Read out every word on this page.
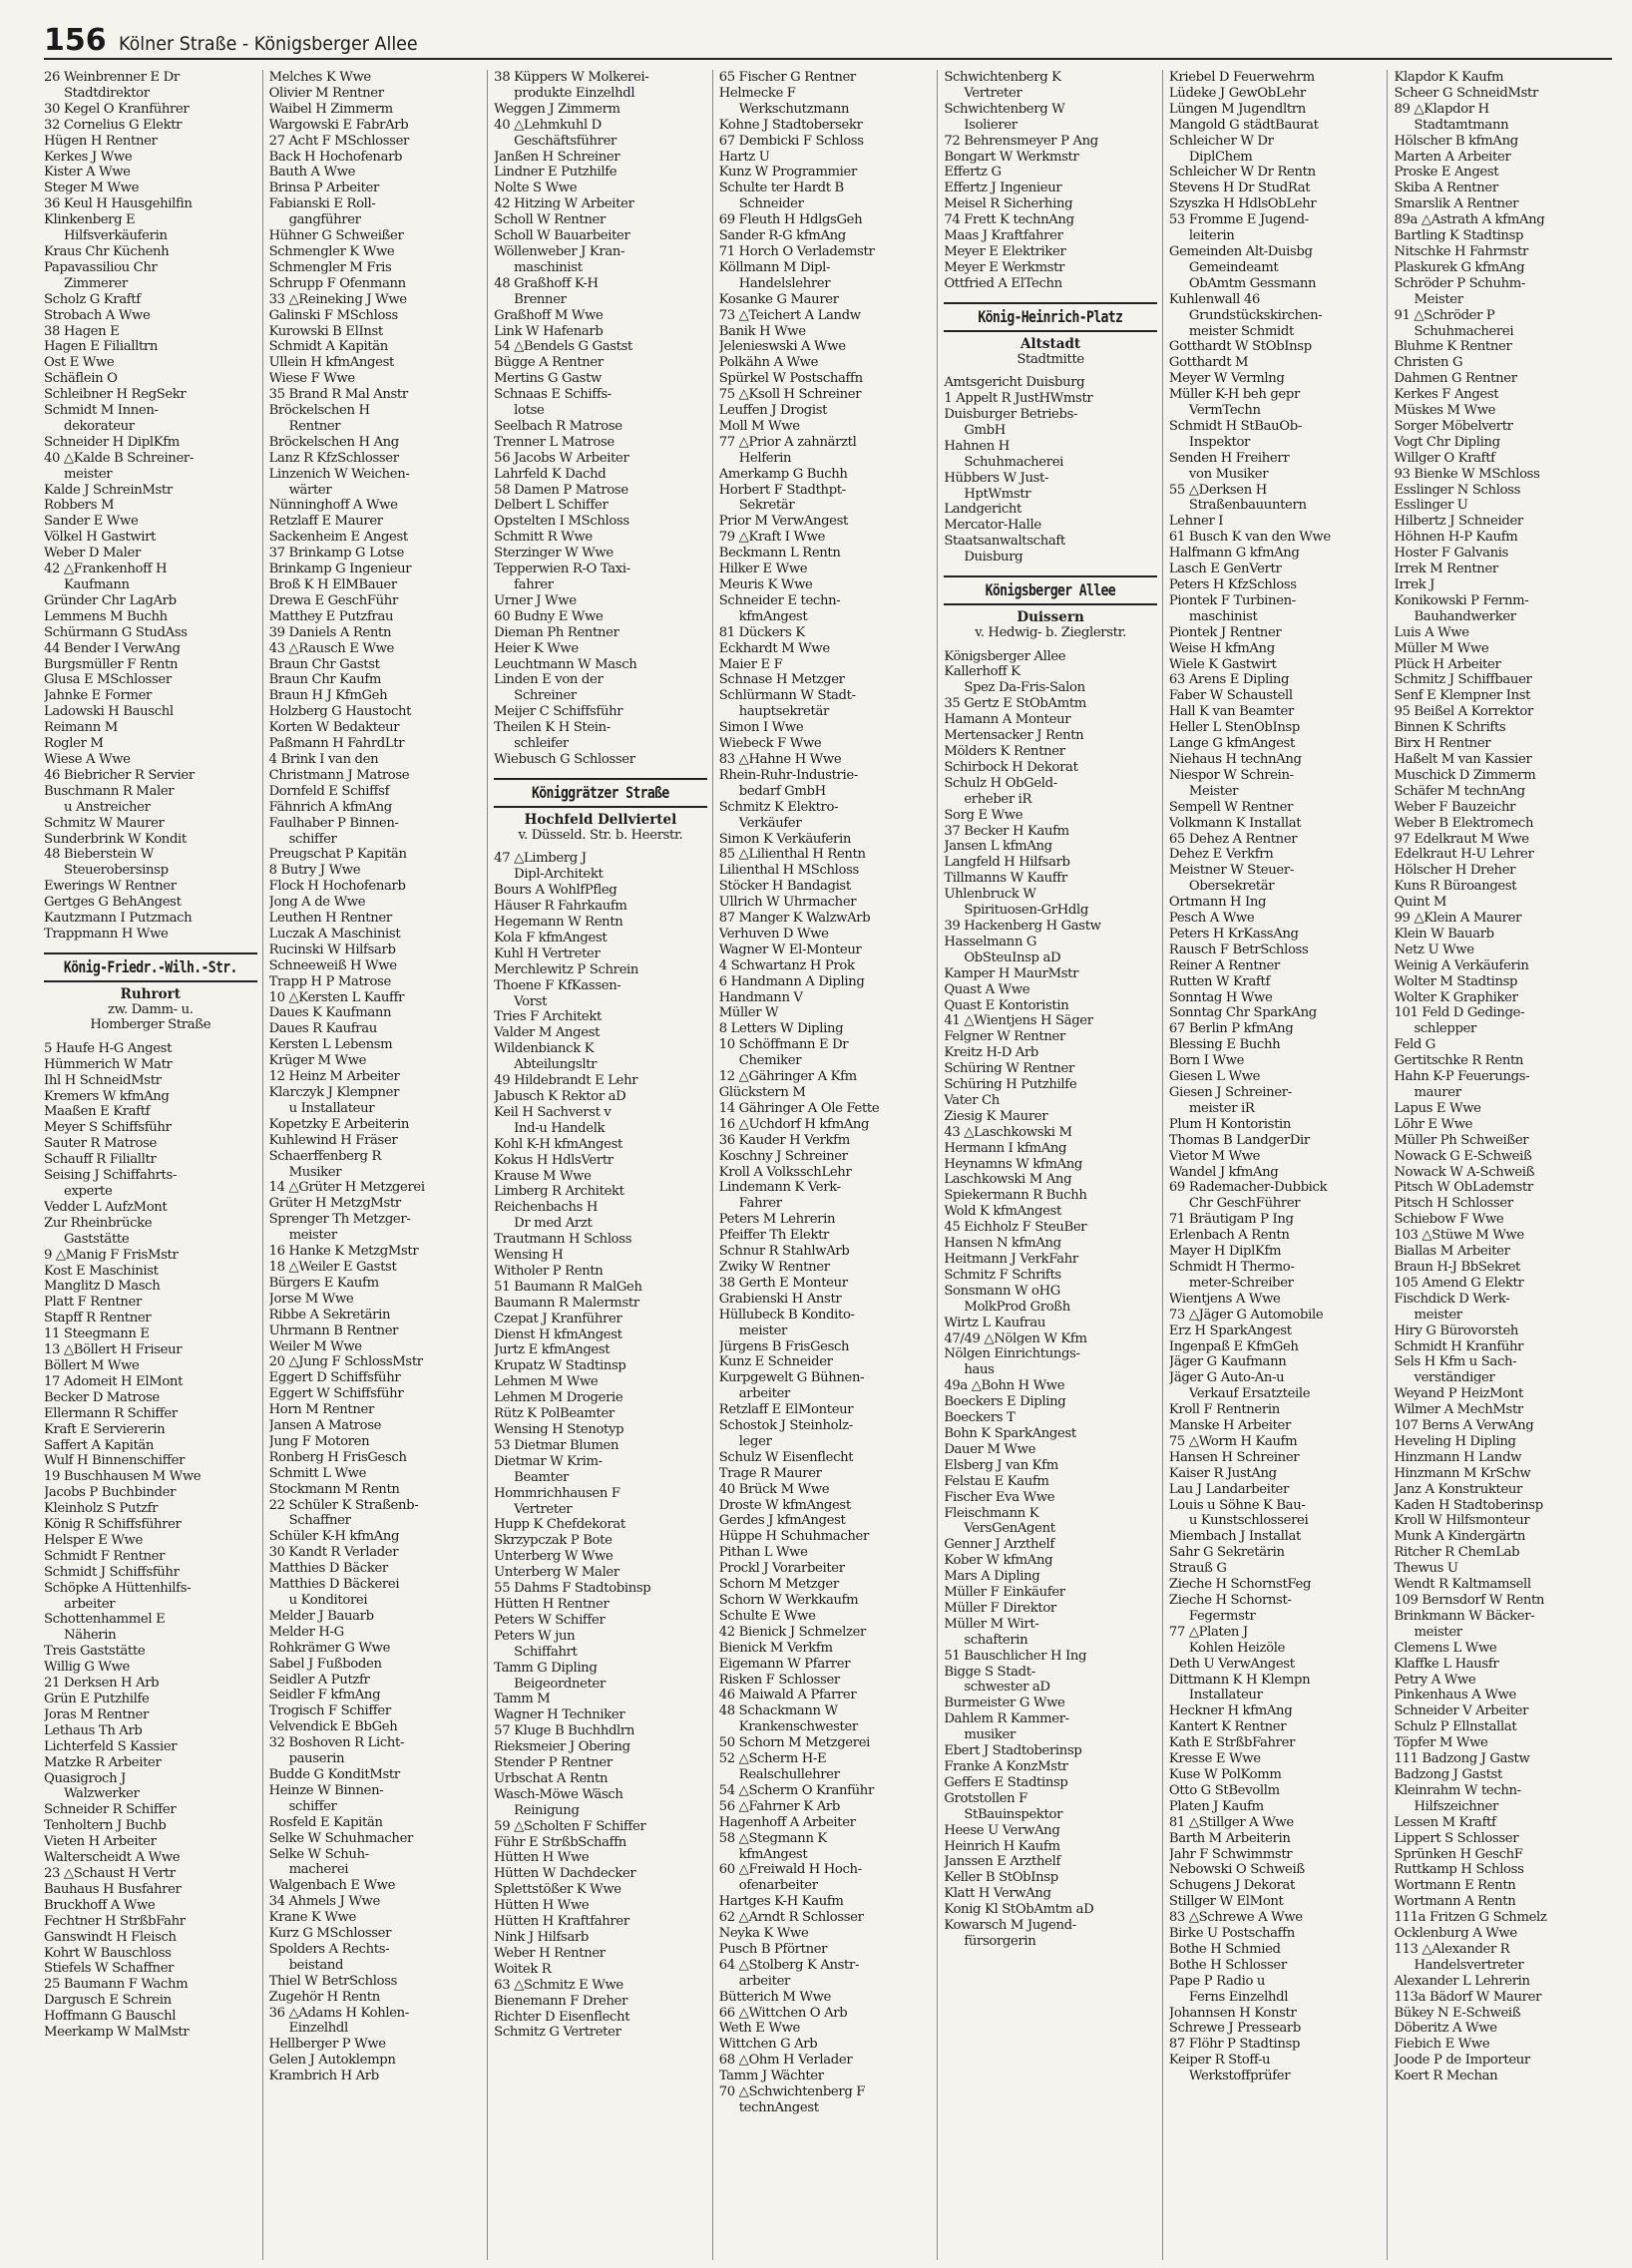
156 Kölner Straße - Königsberger Allee
26 Weinbrenner E Dr
Stadtdirektor
30 Kegel O Kranführer
32 Cornelius G Elektr
Hügen H Rentner
Kerkes J Wwe
Kister A Wwe
Steger M Wwe
36 Keul H Hausgehilfin
Klinkenberg E
Hilfsverkäuferin
Kraus Chr Küchenh
Papavassiliou Chr
Zimmerer
Scholz G Kraftf
Strobach A Wwe
38 Hagen E
Hagen E Filialltrn
Ost E Wwe
Schäflein O
Schleibner H RegSekr
Schmidt M Innen-
dekorateur
Schneider H DiplKfm
40 △Kalde B Schreiner-
meister
Kalde J SchreinMstr
Robbers M
Sander E Wwe
Völkel H Gastwirt
Weber D Maler
42 △Frankenhoff H
Kaufmann
Gründer Chr LagArb
Lemmens M Buchh
Schürmann G StudAss
44 Bender I VerwAng
Burgsmüller F Rentn
Glusa E MSchlosser
Jahnke E Former
Ladowski H Bauschl
Reimann M
Rogler M
Wiese A Wwe
46 Biebricher R Servier
Buschmann R Maler
u Anstreicher
Schmitz W Maurer
Sunderbrink W Kondit
48 Bieberstein W
Steuerobersinsp
Ewerings W Rentner
Gertges G BehAngest
Kautzmann I Putzmach
Trappmann H Wwe
König-Friedr.-Wilh.-Str.
Ruhrort
zw. Damm- u.
Homberger Straße
5 Haufe H-G Angest
Hümmerich W Matr
Ihl H SchneidMstr
Kremers W kfmAng
Maaßen E Kraftf
Meyer S Schiffsführ
Sauter R Matrose
Schauff R Filialltr
Seising J Schiffahrts-
experte
Vedder L AufzMont
Zur Rheinbrücke
Gaststätte
9 △Manig F FrisMstr
Kost E Maschinist
Manglitz D Masch
Platt F Rentner
Stapff R Rentner
11 Steegmann E
13 △Böllert H Friseur
Böllert M Wwe
17 Adomeit H ElMont
Becker D Matrose
Ellermann R Schiffer
Kraft E Serviererin
Saffert A Kapitän
Wulf H Binnenschiffer
19 Buschhausen M Wwe
Jacobs P Buchbinder
Kleinholz S Putzfr
König R Schiffsführer
Helsper E Wwe
Schmidt F Rentner
Schmidt J Schiffsführ
Schöpke A Hüttenhilfs-
arbeiter
Schottenhammel E
Näherin
Treis Gaststätte
Willig G Wwe
21 Derksen H Arb
Grün E Putzhilfe
Joras M Rentner
Lethaus Th Arb
Lichterfeld S Kassier
Matzke R Arbeiter
Quasigroch J
Walzwerker
Schneider R Schiffer
Tenholtern J Buchb
Vieten H Arbeiter
Walterscheidt A Wwe
23 △Schaust H Vertr
Bauhaus H Busfahrer
Bruckhoff A Wwe
Fechtner H StrßbFahr
Ganswindt H Fleisch
Kohrt W Bauschloss
Stiefels W Schaffner
25 Baumann F Wachm
Dargusch E Schrein
Hoffmann G Bauschl
Meerkamp W MalMstr
Melches K Wwe
Olivier M Rentner
Waibel H Zimmerm
Wargowski E FabrArb
27 Acht F MSchlosser
Back H Hochofenarb
Bauth A Wwe
Brinsa P Arbeiter
Fabianski E Roll-
gangführer
Hühner G Schweißer
Schmengler K Wwe
Schmengler M Fris
Schrupp F Ofenmann
33 △Reineking J Wwe
Galinski F MSchloss
Kurowski B ElInst
Schmidt A Kapitän
Ullein H kfmAngest
Wiese F Wwe
35 Brand R Mal Anstr
Bröckelschen H
Rentner
Bröckelschen H Ang
Lanz R KfzSchlosser
Linzenich W Weichen-
wärter
Nünninghoff A Wwe
Retzlaff E Maurer
Sackenheim E Angest
37 Brinkamp G Lotse
Brinkamp G Ingenieur
Broß K H ElMBauer
Drewa E GeschFühr
Matthey E Putzfrau
39 Daniels A Rentn
43 △Rausch E Wwe
Braun Chr Gastst
Braun Chr Kaufm
Braun H J KfmGeh
Holzberg G Haustocht
Korten W Bedakteur
Paßmann H FahrdLtr
4 Brink I van den
Christmann J Matrose
Dornfeld E Schiffsf
Fähnrich A kfmAng
Faulhaber P Binnen-
schiffer
Preugschat P Kapitän
8 Butry J Wwe
Flock H Hochofenarb
Jong A de Wwe
Leuthen H Rentner
Luczak A Maschinist
Rucinski W Hilfsarb
Schneeweiß H Wwe
Trapp H P Matrose
10 △Kersten L Kauffr
Daues K Kaufmann
Daues R Kaufrau
Kersten L Lebensm
Krüger M Wwe
12 Heinz M Arbeiter
Klarczyk J Klempner
u Installateur
Kopetzky E Arbeiterin
Kuhlewind H Fräser
Schaerffenberg R
Musiker
14 △Grüter H Metzgerei
Grüter H MetzgMstr
Sprenger Th Metzger-
meister
16 Hanke K MetzgMstr
18 △Weiler E Gastst
Bürgers E Kaufm
Jorse M Wwe
Ribbe A Sekretärin
Uhrmann B Rentner
Weiler M Wwe
20 △Jung F SchlossMstr
Eggert D Schiffsführ
Eggert W Schiffsführ
Horn M Rentner
Jansen A Matrose
Jung F Motoren
Ronberg H FrisGesch
Schmitt L Wwe
Stockmann M Rentn
22 Schüler K Straßenb-
Schaffner
Schüler K-H kfmAng
30 Kandt R Verlader
Matthies D Bäcker
Matthies D Bäckerei
u Konditorei
Melder J Bauarb
Melder H-G
Rohkrämer G Wwe
Sabel J Fußboden
Seidler A Putzfr
Seidler F kfmAng
Trogisch F Schiffer
Velvendick E BbGeh
32 Boshoven R Licht-
pauserin
Budde G KonditMstr
Heinze W Binnen-
schiffer
Rosfeld E Kapitän
Selke W Schuhmacher
Selke W Schuh-
macherei
Walgenbach E Wwe
34 Ahmels J Wwe
Krane K Wwe
Kurz G MSchlosser
Spolders A Rechts-
beistand
Thiel W BetrSchloss
Zugehör H Rentn
36 △Adams H Kohlen-
Einzelhdl
Hellberger P Wwe
Gelen J Autoklempn
Krambrich H Arb
38 Küppers W Molkerei-
produkte Einzelhdl
Weggen J Zimmerm
40 △Lehmkuhl D
Geschäftsführer
Janßen H Schreiner
Lindner E Putzhilfe
Nolte S Wwe
42 Hitzing W Arbeiter
Scholl W Rentner
Scholl W Bauarbeiter
Wöllenweber J Kran-
maschinist
48 Graßhoff K-H
Brenner
Graßhoff M Wwe
Link W Hafenarb
54 △Bendels G Gastst
Bügge A Rentner
Mertins G Gastw
Schnaas E Schiffs-
lotse
Seelbach R Matrose
Trenner L Matrose
56 Jacobs W Arbeiter
Lahrfeld K Dachd
58 Damen P Matrose
Delbert L Schiffer
Opstelten I MSchloss
Schmitt R Wwe
Sterzinger W Wwe
Tepperwien R-O Taxi-
fahrer
Urner J Wwe
60 Budny E Wwe
Dieman Ph Rentner
Heier K Wwe
Leuchtmann W Masch
Linden E von der
Schreiner
Meijer C Schiffsführ
Theilen K H Stein-
schleifer
Wiebusch G Schlosser
Königgrätzer Straße
Hochfeld Dellviertel
v. Düsseld. Str. b. Heerstr.
47 △Limberg J
Dipl-Architekt
Bours A WohlfPfleg
Häuser R Fahrkaufm
Hegemann W Rentn
Kola F kfmAngest
Kuhl H Vertreter
Merchlewitz P Schrein
Thoene F KfKassen-
Vorst
Tries F Architekt
Valder M Angest
Wildenbianck K
Abteilungsltr
49 Hildebrandt E Lehr
Jabusch K Rektor aD
Keil H Sachverst v
Ind-u Handelk
Kohl K-H kfmAngest
Kokus H HdlsVertr
Krause M Wwe
Limberg R Architekt
Reichenbachs H
Dr med Arzt
Trautmann H Schloss
Wensing H
Witholer P Rentn
51 Baumann R MalGeh
Baumann R Malermstr
Czepat J Kranführer
Dienst H kfmAngest
Jurtz E kfmAngest
Krupatz W Stadtinsp
Lehmen M Wwe
Lehmen M Drogerie
Rütz K PolBeamter
Wensing H Stenotyp
53 Dietmar Blumen
Dietmar W Krim-
Beamter
Hommrichhausen F
Vertreter
Hupp K Chefdekorat
Skrzypczak P Bote
Unterberg W Wwe
Unterberg W Maler
55 Dahms F Stadtobinsp
Hütten H Rentner
Peters W Schiffer
Peters W jun
Schiffahrt
Tamm G Dipling
Beigeordneter
Tamm M
Wagner H Techniker
57 Kluge B Buchhdlrn
Rieksmeier J Obering
Stender P Rentner
Urbschat A Rentn
Wasch-Möwe Wäsch
Reinigung
59 △Scholten F Schiffer
Führ E StrßbSchaffn
Hütten H Wwe
Hütten W Dachdecker
Splettstößer K Wwe
Hütten H Wwe
Hütten H Kraftfahrer
Nink J Hilfsarb
Weber H Rentner
Woitek R
63 △Schmitz E Wwe
Bienemann F Dreher
Richter D Eisenflecht
Schmitz G Vertreter
65 Fischer G Rentner
Helmecke F
Werkschutzmann
Kohne J Stadtobersekr
67 Dembicki F Schloss
Hartz U
Kunz W Programmier
Schulte ter Hardt B
Schneider
69 Fleuth H HdlgsGeh
Sander R-G kfmAng
71 Horch O Verlademstr
Köllmann M Dipl-
Handelslehrer
Kosanke G Maurer
73 △Teichert A Landw
Banik H Wwe
Jelenieswski A Wwe
Polkähn A Wwe
Spürkel W Postschaffn
75 △Ksoll H Schreiner
Leuffen J Drogist
Moll M Wwe
77 △Prior A zahnärztl
Helferin
Amerkamp G Buchh
Horbert F Stadthpt-
Sekretär
Prior M VerwAngest
79 △Kraft I Wwe
Beckmann L Rentn
Hilker E Wwe
Meuris K Wwe
Schneider E techn-
kfmAngest
81 Dückers K
Eckhardt M Wwe
Maier E F
Schnase H Metzger
Schlürmann W Stadt-
hauptsekretär
Simon I Wwe
Wiebeck F Wwe
83 △Hahne H Wwe
Rhein-Ruhr-Industrie-
bedarf GmbH
Schmitz K Elektro-
Verkäufer
Simon K Verkäuferin
85 △Lilienthal H Rentn
Lilienthal H MSchloss
Stöcker H Bandagist
Ullrich W Uhrmacher
87 Manger K WalzwArb
Verhuven D Wwe
Wagner W El-Monteur
4 Schwartanz H Prok
6 Handmann A Dipling
Handmann V
Müller W
8 Letters W Dipling
10 Schöffmann E Dr
Chemiker
12 △Gähringer A Kfm
Glückstern M
14 Gähringer A Öle Fette
16 △Uchdorf H kfmAng
36 Kauder H Verkfm
Koschny J Schreiner
Kroll A VolksschLehr
Lindemann K Verk-
Fahrer
Peters M Lehrerin
Pfeiffer Th Elektr
Schnur R StahlwArb
Zwiky W Rentner
38 Gerth E Monteur
Grabienski H Anstr
Hüllubeck B Kondito-
meister
Jürgens B FrisGesch
Kunz E Schneider
Kurpgewelt G Bühnen-
arbeiter
Retzlaff E ElMonteur
Schostok J Steinholz-
leger
Schulz W Eisenflecht
Trage R Maurer
40 Brück M Wwe
Droste W kfmAngest
Gerdes J kfmAngest
Hüppe H Schuhmacher
Pithan L Wwe
Prockl J Vorarbeiter
Schorn M Metzger
Schorn W Werkkaufm
Schulte E Wwe
42 Bienick J Schmelzer
Bienick M Verkfm
Eigemann W Pfarrer
Risken F Schlosser
46 Maiwald A Pfarrer
48 Schackmann W
Krankenschwester
50 Schorn M Metzgerei
52 △Scherm H-E
Realschullehrer
54 △Scherm O Kranführ
56 △Fahrner K Arb
Hagenhoff A Arbeiter
58 △Stegmann K
kfmAngest
60 △Freiwald H Hoch-
ofenarbeiter
Hartges K-H Kaufm
62 △Arndt R Schlosser
Neyka K Wwe
Pusch B Pförtner
64 △Stolberg K Anstr-
arbeiter
Bütterich M Wwe
66 △Wittchen O Arb
Weth E Wwe
Wittchen G Arb
68 △Ohm H Verlader
Tamm J Wächter
70 △Schwichtenberg F
technAngest
Schwichtenberg K
Vertreter
Schwichtenberg W
Isolierer
72 Behrensmeyer P Ang
Bongart W Werkmstr
Effertz G
Effertz J Ingenieur
Meisel R Sicherhing
74 Frett K technAng
Maas J Kraftfahrer
Meyer E Elektriker
Meyer E Werkmstr
Ottfried A ElTechn
König-Heinrich-Platz
Altstadt
Stadtmitte
Amtsgericht Duisburg
1 Appelt R JustHWmstr
Duisburger Betriebs-
GmbH
Hahnen H
Schuhmacherei
Hübbers W Just-
HptWmstr
Landgericht
Mercator-Halle
Staatsanwaltschaft
Duisburg
Königsberger Allee
Duissern
v. Hedwig- b. Zieglerstr.
Königsberger Allee
Kallerhoff K
Spez Da-Fris-Salon
35 Gertz E StObAmtm
Hamann A Monteur
Mertensacker J Rentn
Mölders K Rentner
Schirbock H Dekorat
Schulz H ObGeld-
erheber iR
Sorg E Wwe
37 Becker H Kaufm
Jansen L kfmAng
Langfeld H Hilfsarb
Tillmanns W Kauffr
Uhlenbruck W
Spirituosen-GrHdlg
39 Hackenberg H Gastw
Hasselmann G
ObSteuInsp aD
Kamper H MaurMstr
Quast A Wwe
Quast E Kontoristin
41 △Wientjens H Säger
Felgner W Rentner
Kreitz H-D Arb
Schüring W Rentner
Schüring H Putzhilfe
Vater Ch
Ziesig K Maurer
43 △Laschkowski M
Hermann I kfmAng
Heynamns W kfmAng
Laschkowski M Ang
Spiekermann R Buchh
Wold K kfmAngest
45 Eichholz F SteuBer
Hansen N kfmAng
Heitmann J VerkFahr
Schmitz F Schrifts
Sonsmann W oHG
MolkProd Großh
Wirtz L Kaufrau
47/49 △Nölgen W Kfm
Nölgen Einrichtungs-
haus
49a △Bohn H Wwe
Boeckers E Dipling
Boeckers T
Bohn K SparkAngest
Dauer M Wwe
Elsberg J van Kfm
Felstau E Kaufm
Fischer Eva Wwe
Fleischmann K
VersGenAgent
Genner J Arzthelf
Kober W kfmAng
Mars A Dipling
Müller F Einkäufer
Müller F Direktor
Müller M Wirt-
schafterin
51 Bauschlicher H Ing
Bigge S Stadt-
schwester aD
Burmeister G Wwe
Dahlem R Kammer-
musiker
Ebert J Stadtoberinsp
Franke A KonzMstr
Geffers E Stadtinsp
Grotstollen F
StBauinspektor
Heese U VerwAng
Heinrich H Kaufm
Janssen E Arzthelf
Keller B StObInsp
Klatt H VerwAng
Konig Kl StObAmtm aD
Kowarsch M Jugend-
fürsorgerin
Kriebel D Feuerwehrm
Lüdeke J GewObLehr
Lüngen M Jugendltrn
Mangold G städtBaurat
Schleicher W Dr
DiplChem
Schleicher W Dr Rentn
Stevens H Dr StudRat
Szyszka H HdlsObLehr
53 Fromme E Jugend-
leiterin
Gemeinden Alt-Duisbg
Gemeindeamt
ObAmtm Gessmann
Kuhlenwall 46
Grundstückskirchen-
meister Schmidt
Gotthardt W StObInsp
Gotthardt M
Meyer W Vermlng
Müller K-H beh gepr
VermTechn
Schmidt H StBauOb-
Inspektor
Senden H Freiherr
von Musiker
55 △Derksen H
Straßenbauuntern
Lehner I
61 Busch K van den Wwe
Halfmann G kfmAng
Lasch E GenVertr
Peters H KfzSchloss
Piontek F Turbinen-
maschinist
Piontek J Rentner
Weise H kfmAng
Wiele K Gastwirt
63 Arens E Dipling
Faber W Schaustell
Hall K van Beamter
Heller L StenObInsp
Lange G kfmAngest
Niehaus H technAng
Niespor W Schrein-
Meister
Sempell W Rentner
Volkmann K Installat
65 Dehez A Rentner
Dehez E Verkfrn
Meistner W Steuer-
Obersekretär
Ortmann H Ing
Pesch A Wwe
Peters H KrKassAng
Rausch F BetrSchloss
Reiner A Rentner
Rutten W Kraftf
Sonntag H Wwe
Sonntag Chr SparkAng
67 Berlin P kfmAng
Blessing E Buchh
Born I Wwe
Giesen L Wwe
Giesen J Schreiner-
meister iR
Plum H Kontoristin
Thomas B LandgerDir
Vietor M Wwe
Wandel J kfmAng
69 Rademacher-Dubbick
Chr GeschFührer
71 Bräutigam P Ing
Erlenbach A Rentn
Mayer H DiplKfm
Schmidt H Thermo-
meter-Schreiber
Wientjens A Wwe
73 △Jäger G Automobile
Erz H SparkAngest
Ingenpaß E KfmGeh
Jäger G Kaufmann
Jäger G Auto-An-u
Verkauf Ersatzteile
Kroll F Rentnerin
Manske H Arbeiter
75 △Worm H Kaufm
Hansen H Schreiner
Kaiser R JustAng
Lau J Landarbeiter
Louis u Söhne K Bau-
u Kunstschlosserei
Miembach J Installat
Sahr G Sekretärin
Strauß G
Zieche H SchornstFeg
Zieche H Schornst-
Fegermstr
77 △Platen J
Kohlen Heizöle
Deth U VerwAngest
Dittmann K H Klempn
Installateur
Heckner H kfmAng
Kantert K Rentner
Kath E StrßbFahrer
Kresse E Wwe
Kuse W PolKomm
Otto G StBevollm
Platen J Kaufm
81 △Stillger A Wwe
Barth M Arbeiterin
Jahr F Schwimmstr
Nebowski O Schweiß
Schugens J Dekorat
Stillger W ElMont
83 △Schrewe A Wwe
Birke U Postschaffn
Bothe H Schmied
Bothe H Schlosser
Pape P Radio u
Ferns Einzelhdl
Johannsen H Konstr
Schrewe J Pressearb
87 Flöhr P Stadtinsp
Keiper R Stoff-u
Werkstoffprüfer
Klapdor K Kaufm
Scheer G SchneidMstr
89 △Klapdor H
Stadtamtmann
Hölscher B kfmAng
Marten A Arbeiter
Proske E Angest
Skiba A Rentner
Smarslik A Rentner
89a △Astrath A kfmAng
Bartling K Stadtinsp
Nitschke H Fahrmstr
Plaskurek G kfmAng
Schröder P Schuhm-
Meister
91 △Schröder P
Schuhmacherei
Bluhme K Rentner
Christen G
Dahmen G Rentner
Kerkes F Angest
Müskes M Wwe
Sorger Möbelvertr
Vogt Chr Dipling
Willger O Kraftf
93 Bienke W MSchloss
Esslinger N Schloss
Esslinger U
Hilbertz J Schneider
Höhnen H-P Kaufm
Hoster F Galvanis
Irrek M Rentner
Irrek J
Konikowski P Fernm-
Bauhandwerker
Luis A Wwe
Müller M Wwe
Plück H Arbeiter
Schmitz J Schiffbauer
Senf E Klempner Inst
95 Beißel A Korrektor
Binnen K Schrifts
Birx H Rentner
Haßelt M van Kassier
Muschick D Zimmerm
Schäfer M technAng
Weber F Bauzeichr
Weber B Elektromech
97 Edelkraut M Wwe
Edelkraut H-U Lehrer
Hölscher H Dreher
Kuns R Büroangest
Quint M
99 △Klein A Maurer
Klein W Bauarb
Netz U Wwe
Weinig A Verkäuferin
Wolter M Stadtinsp
Wolter K Graphiker
101 Feld D Gedinge-
schlepper
Feld G
Gertitschke R Rentn
Hahn K-P Feuerungs-
maurer
Lapus E Wwe
Löhr E Wwe
Müller Ph Schweißer
Nowack G E-Schweiß
Nowack W A-Schweiß
Pitsch W ObLademstr
Pitsch H Schlosser
Schiebow F Wwe
103 △Stüwe M Wwe
Biallas M Arbeiter
Braun H-J BbSekret
105 Amend G Elektr
Fischdick D Werk-
meister
Hiry G Bürovorsteh
Schmidt H Kranführ
Sels H Kfm u Sach-
verständiger
Weyand P HeizMont
Wilmer A MechMstr
107 Berns A VerwAng
Heveling H Dipling
Hinzmann H Landw
Hinzmann M KrSchw
Janz A Konstrukteur
Kaden H Stadtoberinsp
Kroll W Hilfsmonteur
Munk A Kindergärtn
Ritcher R ChemLab
Thewus U
Wendt R Kaltmamsell
109 Bernsdorf W Rentn
Brinkmann W Bäcker-
meister
Clemens L Wwe
Klaffke L Hausfr
Petry A Wwe
Pinkenhaus A Wwe
Schneider V Arbeiter
Schulz P Ellnstallat
Töpfer M Wwe
111 Badzong J Gastw
Badzong J Gastst
Kleinrahm W techn-
Hilfszeichner
Lessen M Kraftf
Lippert S Schlosser
Sprünken H GeschF
Ruttkamp H Schloss
Wortmann E Rentn
Wortmann A Rentn
111a Fritzen G Schmelz
Ocklenburg A Wwe
113 △Alexander R
Handelsvertreter
Alexander L Lehrerin
113a Bädorf W Maurer
Bükey N E-Schweiß
Döberitz A Wwe
Fiebich E Wwe
Joode P de Importeur
Koert R Mechan
